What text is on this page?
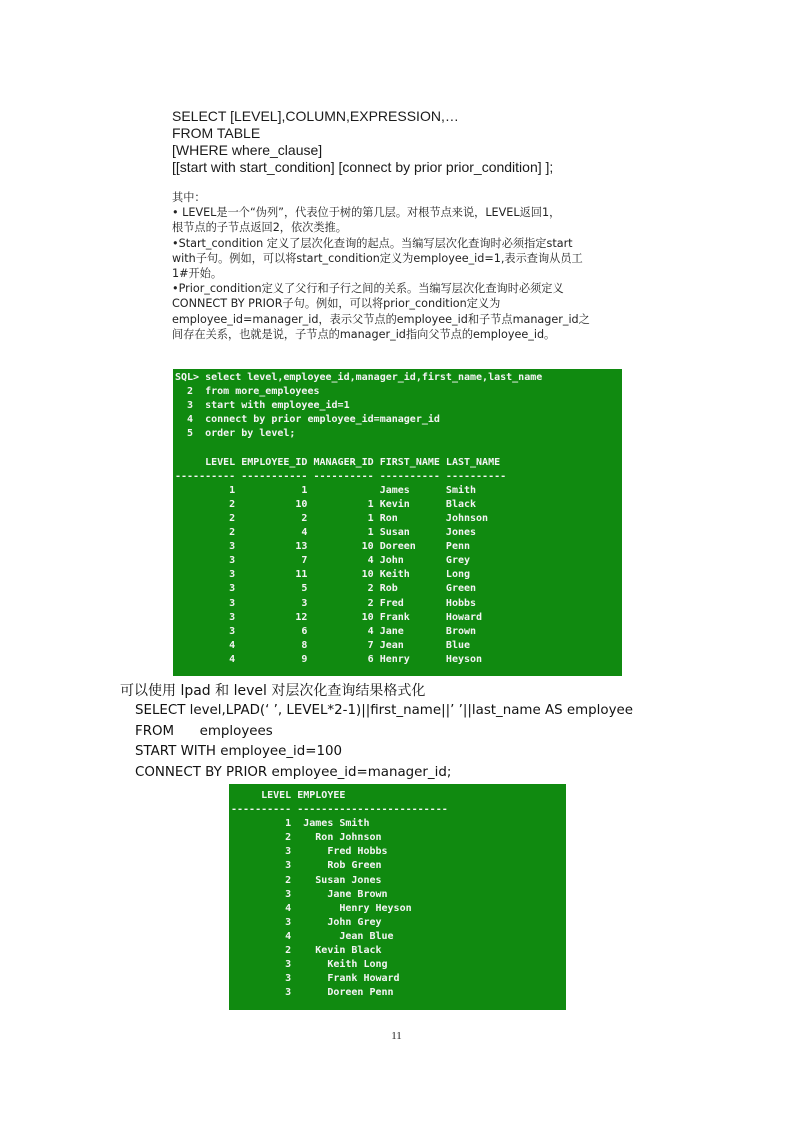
SELECT [LEVEL],COLUMN,EXPRESSION,…
FROM TABLE
[WHERE where_clause]
[[start with start_condition] [connect by prior prior_condition] ];
其中：
• LEVEL是一个“伪列”，代表位于树的第几层。对根节点来说，LEVEL返回1，
根节点的子节点返回2，依次类推。
•Start_condition 定义了层次化查询的起点。当编写层次化查询时必须指定start
with子句。例如，可以将start_condition定义为employee_id=1,表示查询从员工
1#开始。
•Prior_condition定义了父行和子行之间的关系。当编写层次化查询时必须定义
CONNECT BY PRIOR子句。例如，可以将prior_condition定义为
employee_id=manager_id，表示父节点的employee_id和子节点manager_id之
间存在关系，也就是说，子节点的manager_id指向父节点的employee_id。
SQL> select level,employee_id,manager_id,first_name,last_name
2  from more_employees
3  start with employee_id=1
4  connect by prior employee_id=manager_id
5  order by level;

LEVEL EMPLOYEE_ID MANAGER_ID FIRST_NAME LAST_NAME
---------- ----------- ---------- ---------- ----------
1           1            James      Smith
2          10          1 Kevin      Black
2           2          1 Ron        Johnson
2           4          1 Susan      Jones
3          13         10 Doreen     Penn
3           7          4 John       Grey
3          11         10 Keith      Long
3           5          2 Rob        Green
3           3          2 Fred       Hobbs
3          12         10 Frank      Howard
3           6          4 Jane       Brown
4           8          7 Jean       Blue
4           9          6 Henry      Heyson
可以使用 lpad 和 level 对层次化查询结果格式化
SELECT level,LPAD(‘ ’, LEVEL*2-1)||first_name||’ ’||last_name AS employee
FROM      employees
START WITH employee_id=100
CONNECT BY PRIOR employee_id=manager_id;
LEVEL EMPLOYEE
---------- -------------------------
1  James Smith
2    Ron Johnson
3      Fred Hobbs
3      Rob Green
2    Susan Jones
3      Jane Brown
4        Henry Heyson
3      John Grey
4        Jean Blue
2    Kevin Black
3      Keith Long
3      Frank Howard
3      Doreen Penn
11
